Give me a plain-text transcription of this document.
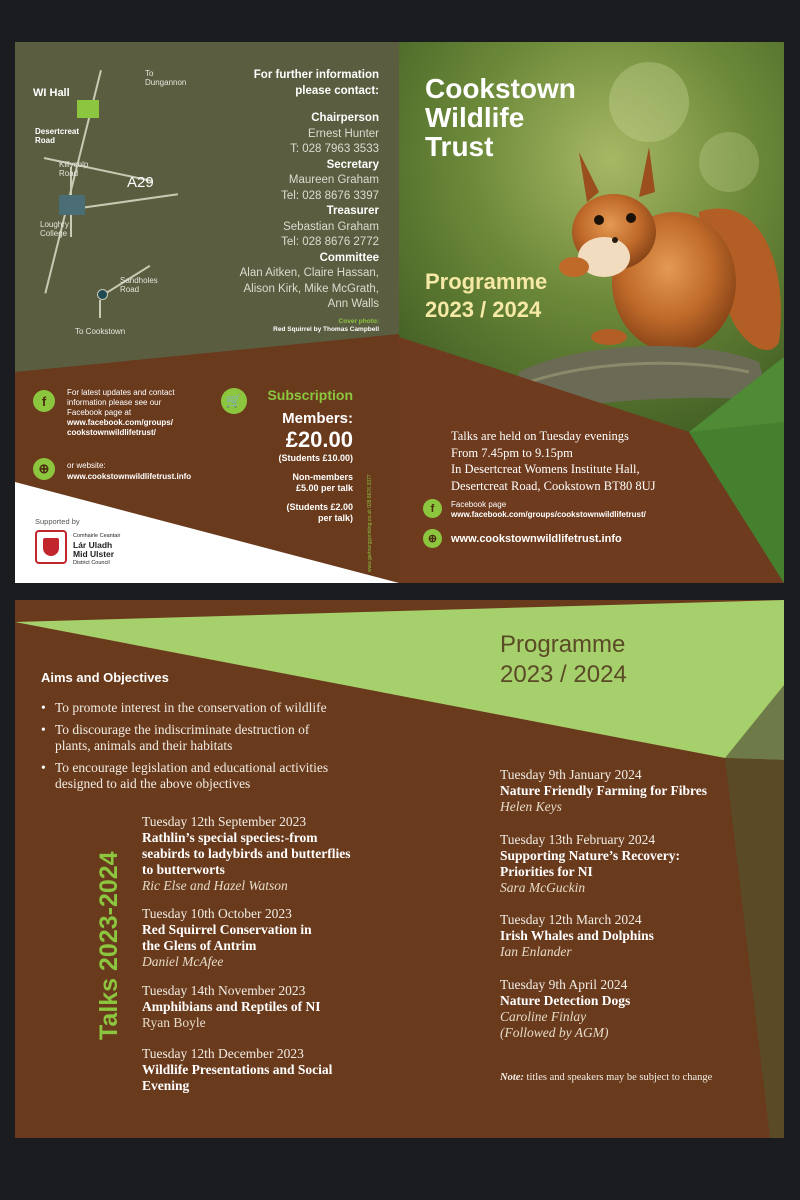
To
Dungannon
WI Hall
Desertcreat
Road
Killycolp
Road
A29
Loughry
College
Sandholes
Road
To Cookstown
For further information
please contact:
Chairperson
Ernest Hunter
T: 028 7963 3533
Secretary
Maureen Graham
Tel: 028 8676 3397
Treasurer
Sebastian Graham
Tel: 028 8676 2772
Committee
Alan Aitken, Claire Hassan,
Alison Kirk, Mike McGrath,
Ann Walls
Cover photo:
Red Squirrel by Thomas Campbell
f
For latest updates and contact
information please see our
Facebook page at
www.facebook.com/groups/
cookstownwildlifetrust/
⊕	or website:
www.cookstownwildlifetrust.info
🛒	Subscription
Members:
£20.00
(Students £10.00)
Non-members
£5.00 per talk
(Students £2.00
per talk)	www.gartnergyprinting.co.uk 028 8676 3377
Supported by
Comhairle Ceantair
Lár Uladh
Mid Ulster
District Council
Cookstown
Wildlife
Trust
Programme
2023 / 2024
Talks are held on Tuesday evenings
From 7.45pm to 9.15pm
In Desertcreat Womens Institute Hall,
Desertcreat Road, Cookstown BT80 8UJ
f	Facebook page
www.facebook.com/groups/cookstownwildlifetrust/
⊕	www.cookstownwildlifetrust.info
Programme
2023 / 2024
Aims and Objectives
• To promote interest in the conservation of wildlife
• To discourage the indiscriminate destruction of
plants, animals and their habitats
• To encourage legislation and educational activities
designed to aid the above objectives
Talks 2023-2024
Tuesday 12th September 2023
Rathlin’s special species:-from
seabirds to ladybirds and butterflies
to butterworts
Ric Else and Hazel Watson
Tuesday 10th October 2023
Red Squirrel Conservation in
the Glens of Antrim
Daniel McAfee
Tuesday 14th November 2023
Amphibians and Reptiles of NI
Ryan Boyle
Tuesday 12th December 2023
Wildlife Presentations and Social
Evening
Tuesday 9th January 2024
Nature Friendly Farming for Fibres
Helen Keys
Tuesday 13th February 2024
Supporting Nature’s Recovery:
Priorities for NI
Sara McGuckin
Tuesday 12th March 2024
Irish Whales and Dolphins
Ian Enlander
Tuesday 9th April 2024
Nature Detection Dogs
Caroline Finlay
(Followed by AGM)
Note: titles and speakers may be subject to change
